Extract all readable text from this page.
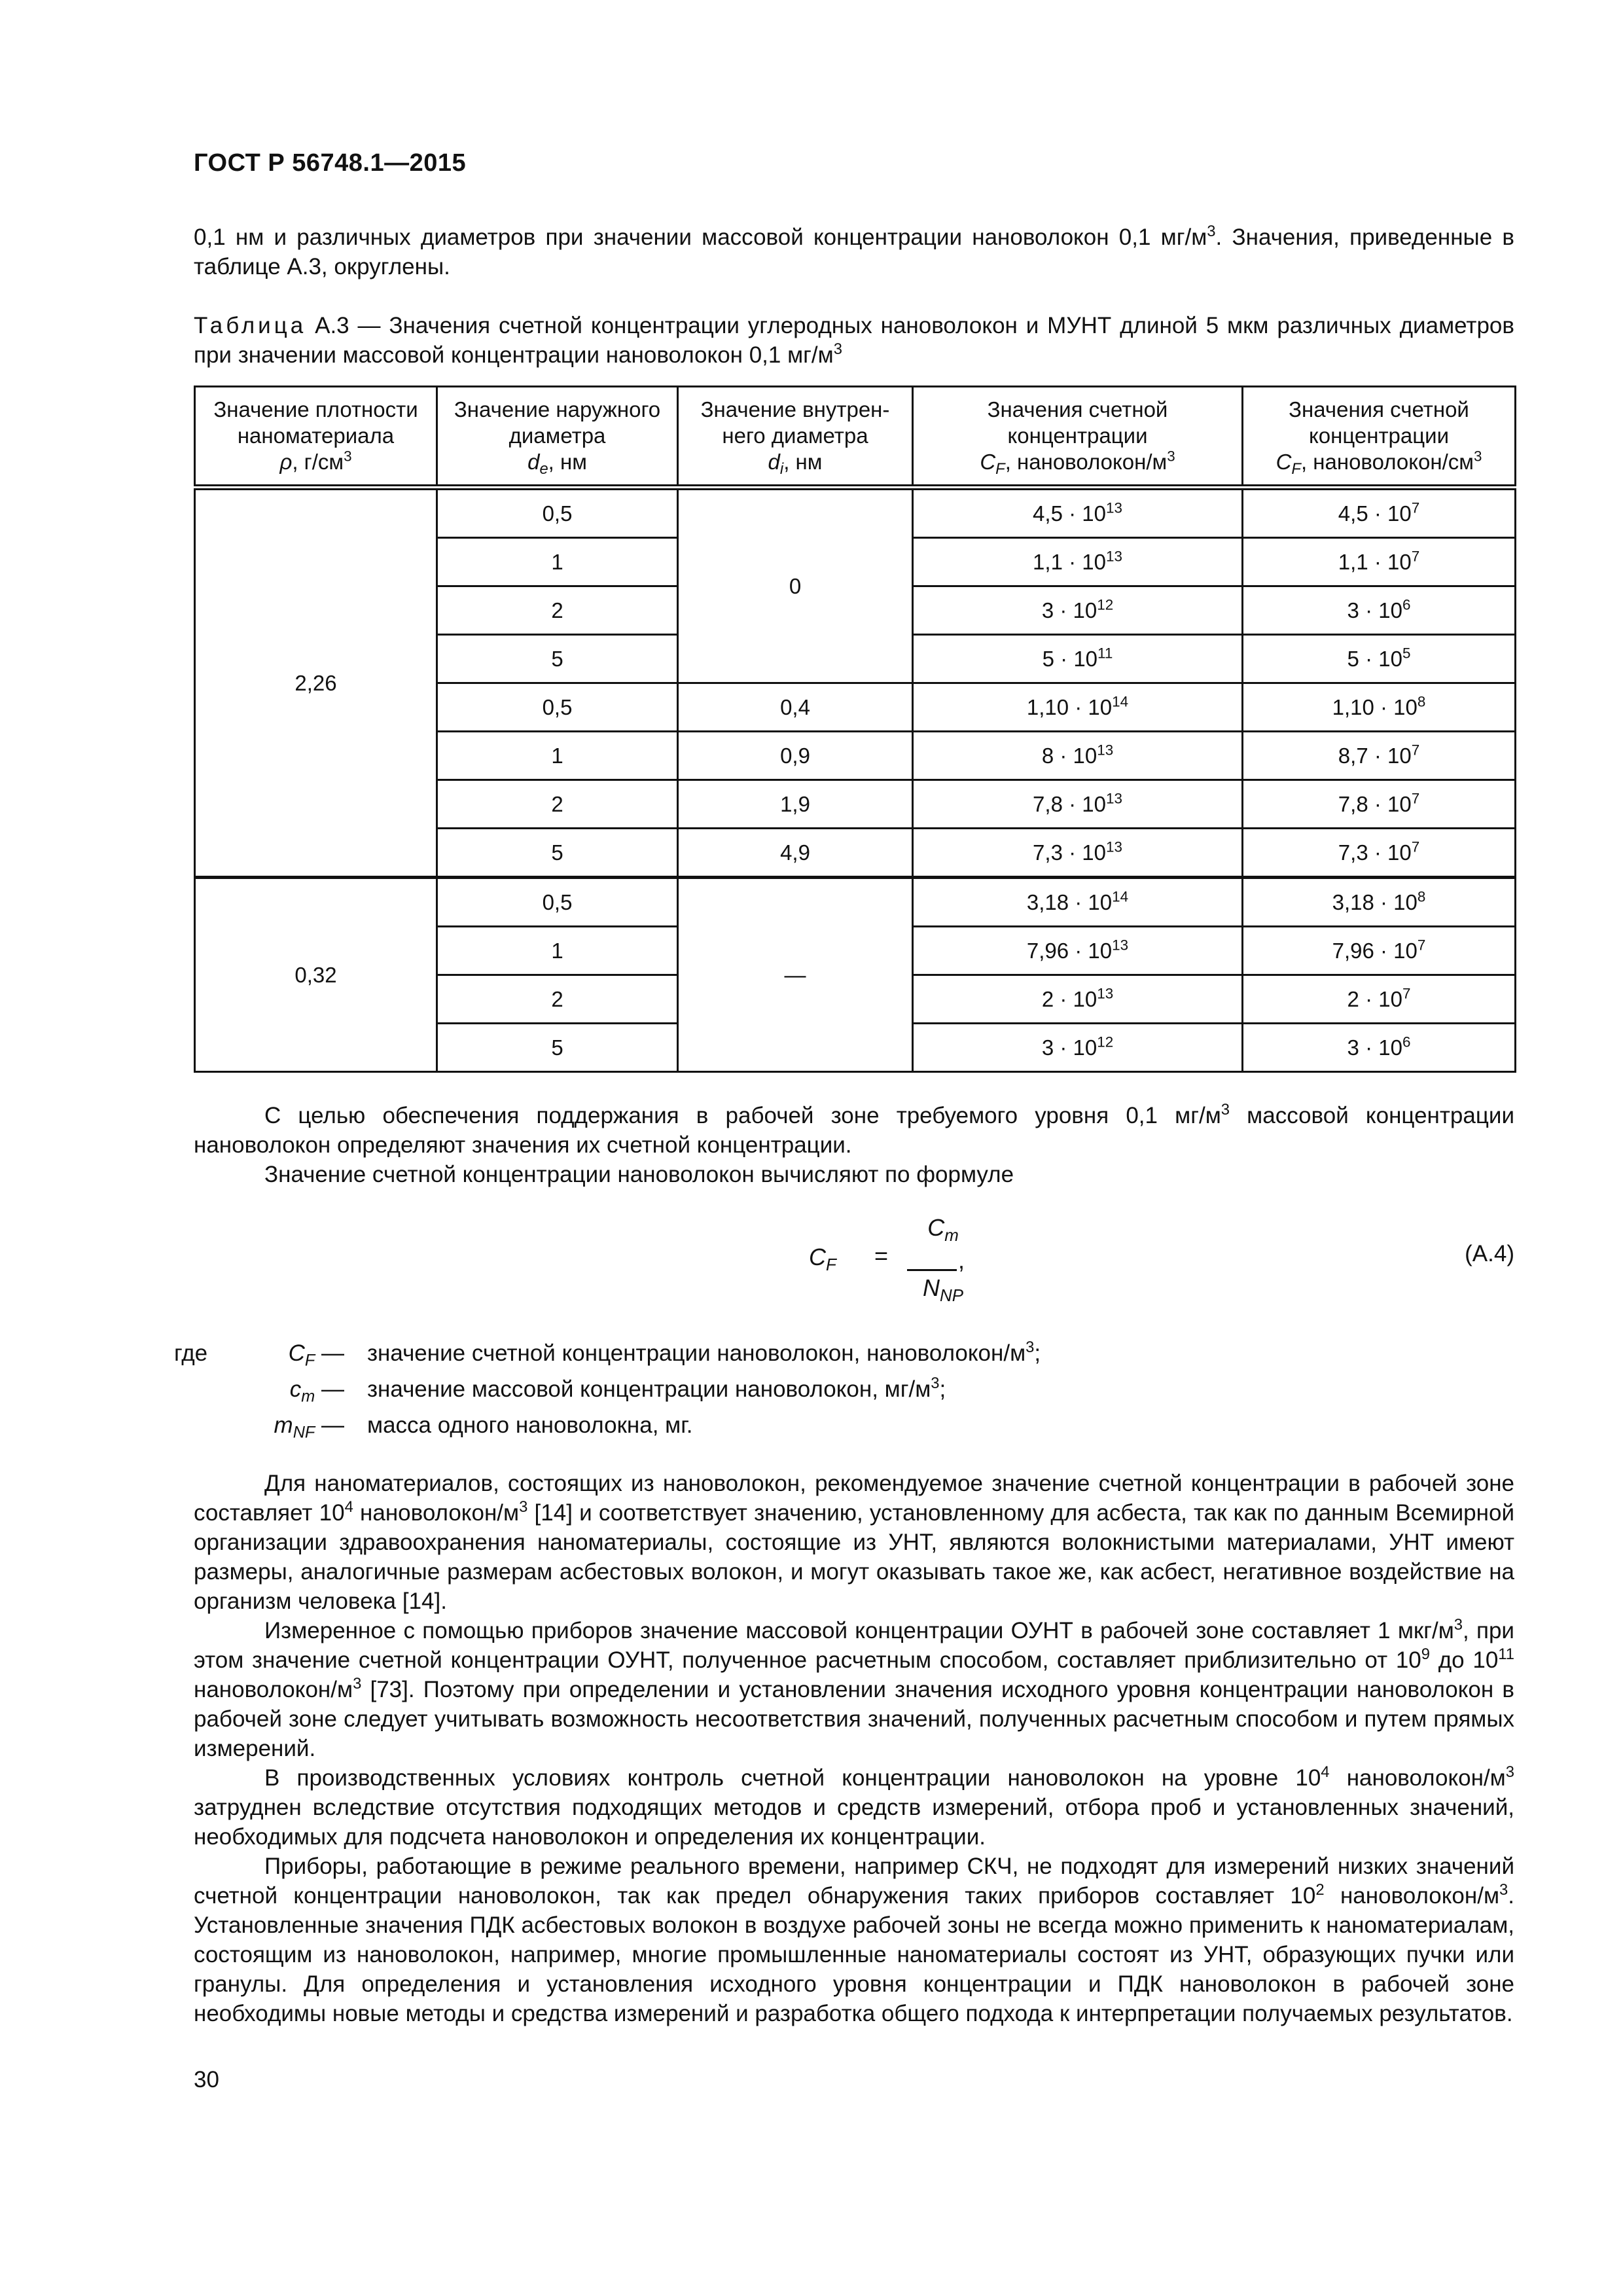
ГОСТ Р 56748.1—2015

0,1 нм и различных диаметров при значении массовой концентрации нановолокон 0,1 $мг/м^3$. Значения, приведенные в таблице А.3, округлены.

Таблица А.3 — Значения счетной концентрации углеродных нановолокон и МУНТ длиной 5 мкм различных диаметров при значении массовой концентрации нановолокон 0,1 $мг/м^3$

Значение плотности
наноматериала
ρ, $г/см^3$	Значение наружного
диаметра
$d_e$, нм	Значение внутрен-
него диаметра
$d_i$, нм	Значения счетной
концентрации
$C_F$, нановолокон/$м^3$	Значения счетной
концентрации
$C_F$, нановолокон/$см^3$
2,26	0,5	0	$4,5 \cdot 10^{13}$	$4,5 \cdot 10^7$
	1		$1,1 \cdot 10^{13}$	$1,1 \cdot 10^7$
	2		$3 \cdot 10^{12}$	$3 \cdot 10^6$
	5		$5 \cdot 10^{11}$	$5 \cdot 10^5$
	0,5	0,4	$1,10 \cdot 10^{14}$	$1,10 \cdot 10^8$
	1	0,9	$8 \cdot 10^{13}$	$8,7 \cdot 10^7$
	2	1,9	$7,8 \cdot 10^{13}$	$7,8 \cdot 10^7$
	5	4,9	$7,3 \cdot 10^{13}$	$7,3 \cdot 10^7$
0,32	0,5	—	$3,18 \cdot 10^{14}$	$3,18 \cdot 10^8$
	1		$7,96 \cdot 10^{13}$	$7,96 \cdot 10^7$
	2		$2 \cdot 10^{13}$	$2 \cdot 10^7$
	5		$3 \cdot 10^{12}$	$3 \cdot 10^6$

С целью обеспечения поддержания в рабочей зоне требуемого уровня 0,1 $мг/м^3$ массовой концентрации нановолокон определяют значения их счетной концентрации.

Значение счетной концентрации нановолокон вычисляют по формуле

$C_F$ =
$C_m$
,
$N_{NP}$
(А.4)
где	$C_F$ — значение счетной концентрации нановолокон, нановолокон/$м^3$;
$c_m$ — значение массовой концентрации нановолокон, $мг/м^3$;
$m_{NF}$ — масса одного нановолокна, мг.

Для наноматериалов, состоящих из нановолокон, рекомендуемое значение счетной концентрации в рабочей зоне составляет $10^4$ нановолокон/$м^3$ [14] и соответствует значению, установленному для асбеста, так как по данным Всемирной организации здравоохранения наноматериалы, состоящие из УНТ, являются волокнистыми материалами, УНТ имеют размеры, аналогичные размерам асбестовых волокон, и могут оказывать такое же, как асбест, негативное воздействие на организм человека [14].

Измеренное с помощью приборов значение массовой концентрации ОУНТ в рабочей зоне составляет 1 мкг/$м^3$, при этом значение счетной концентрации ОУНТ, полученное расчетным способом, составляет приблизительно от $10^9$ до $10^{11}$ нановолокон/$м^3$ [73]. Поэтому при определении и установлении значения исходного уровня концентрации нановолокон в рабочей зоне следует учитывать возможность несоответствия значений, полученных расчетным способом и путем прямых измерений.

В производственных условиях контроль счетной концентрации нановолокон на уровне $10^4$ нановолокон/$м^3$ затруднен вследствие отсутствия подходящих методов и средств измерений, отбора проб и установленных значений, необходимых для подсчета нановолокон и определения их концентрации.

Приборы, работающие в режиме реального времени, например СКЧ, не подходят для измерений низких значений счетной концентрации нановолокон, так как предел обнаружения таких приборов составляет $10^2$ нановолокон/$м^3$. Установленные значения ПДК асбестовых волокон в воздухе рабочей зоны не всегда можно применить к наноматериалам, состоящим из нановолокон, например, многие промышленные наноматериалы состоят из УНТ, образующих пучки или гранулы. Для определения и установления исходного уровня концентрации и ПДК нановолокон в рабочей зоне необходимы новые методы и средства измерений и разработка общего подхода к интерпретации получаемых результатов.

30
